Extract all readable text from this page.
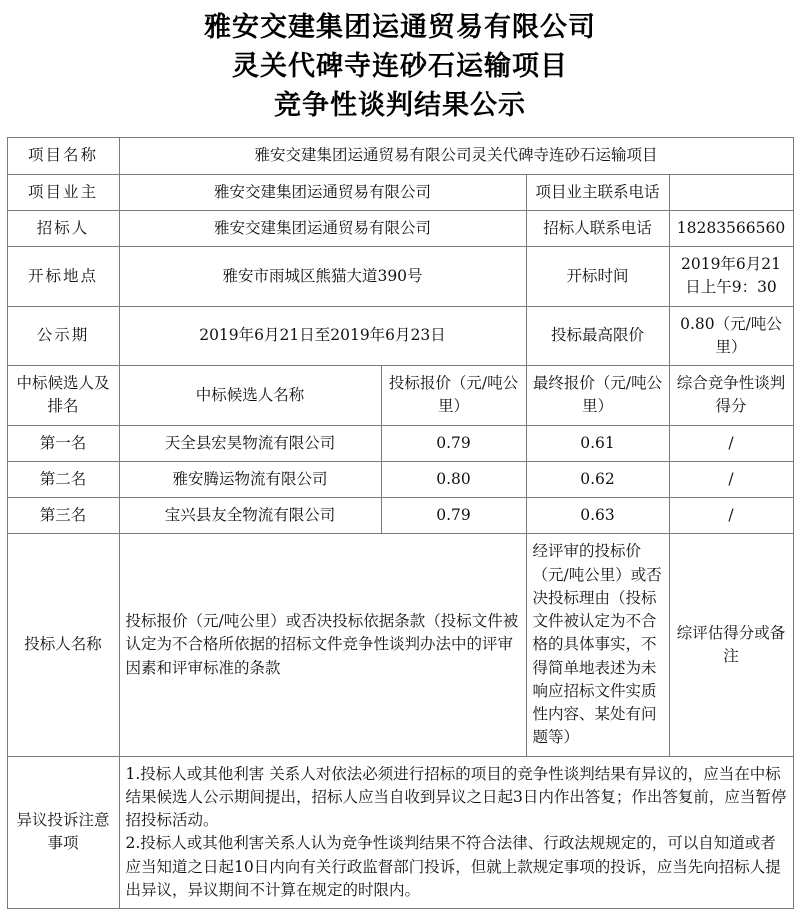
雅安交建集团运通贸易有限公司
灵关代碑寺连砂石运输项目
竞争性谈判结果公示
项目名称	雅安交建集团运通贸易有限公司灵关代碑寺连砂石运输项目			
项目业主	雅安交建集团运通贸易有限公司		项目业主联系电话	
招标人	雅安交建集团运通贸易有限公司		招标人联系电话	18283566560
开标地点	雅安市雨城区熊猫大道390号		开标时间	2019年6月21日上午9：30
公示期	2019年6月21日至2019年6月23日		投标最高限价	0.80（元/吨公里）
中标候选人及排名	中标候选人名称	投标报价（元/吨公里）	最终报价（元/吨公里）	综合竞争性谈判得分
第一名	天全县宏昊物流有限公司	0.79	0.61	/
第二名	雅安腾运物流有限公司	0.80	0.62	/
第三名	宝兴县友全物流有限公司	0.79	0.63	/
投标人名称	投标报价（元/吨公里）或否决投标依据条款（投标文件被认定为不合格所依据的招标文件竞争性谈判办法中的评审因素和评审标准的条款		经评审的投标价（元/吨公里）或否决投标理由（投标文件被认定为不合格的具体事实，不得简单地表述为未响应招标文件实质性内容、某处有问题等）	综评估得分或备注
异议投诉注意事项	1.投标人或其他利害 关系人对依法必须进行招标的项目的竞争性谈判结果有异议的，应当在中标结果候选人公示期间提出，招标人应当自收到异议之日起3日内作出答复；作出答复前，应当暂停招投标活动。
2.投标人或其他利害关系人认为竞争性谈判结果不符合法律、行政法规规定的，可以自知道或者应当知道之日起10日内向有关行政监督部门投诉，但就上款规定事项的投诉，应当先向招标人提出异议，异议期间不计算在规定的时限内。			
